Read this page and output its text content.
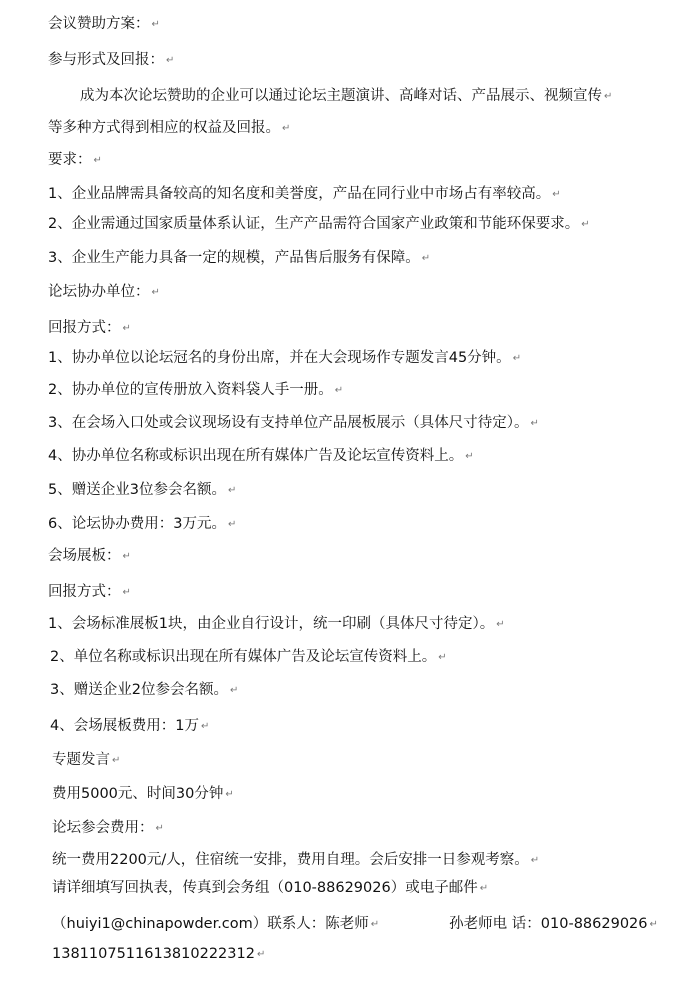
会议赞助方案： ↵
参与形式及回报： ↵
成为本次论坛赞助的企业可以通过论坛主题演讲、高峰对话、产品展示、视频宣传 ↵
等多种方式得到相应的权益及回报。 ↵
要求： ↵
1、企业品牌需具备较高的知名度和美誉度，产品在同行业中市场占有率较高。 ↵
2、企业需通过国家质量体系认证，生产产品需符合国家产业政策和节能环保要求。 ↵
3、企业生产能力具备一定的规模，产品售后服务有保障。 ↵
论坛协办单位： ↵
回报方式： ↵
1、协办单位以论坛冠名的身份出席，并在大会现场作专题发言45分钟。 ↵
2、协办单位的宣传册放入资料袋人手一册。 ↵
3、在会场入口处或会议现场设有支持单位产品展板展示（具体尺寸待定）。 ↵
4、协办单位名称或标识出现在所有媒体广告及论坛宣传资料上。 ↵
5、赠送企业3位参会名额。 ↵
6、论坛协办费用：3万元。 ↵
会场展板： ↵
回报方式： ↵
1、会场标准展板1块，由企业自行设计，统一印刷（具体尺寸待定）。 ↵
2、单位名称或标识出现在所有媒体广告及论坛宣传资料上。 ↵
3、赠送企业2位参会名额。 ↵
4、会场展板费用：1万 ↵
专题发言 ↵
费用5000元、时间30分钟 ↵
论坛参会费用： ↵
统一费用2200元/人，住宿统一安排，费用自理。会后安排一日参观考察。 ↵
请详细填写回执表，传真到会务组（010-88629026）或电子邮件 ↵
（huiyi1@chinapowder.com）联系人：陈老师 ↵	孙老师电 话：010-88629026 ↵
13811075116138102223​12 ↵
